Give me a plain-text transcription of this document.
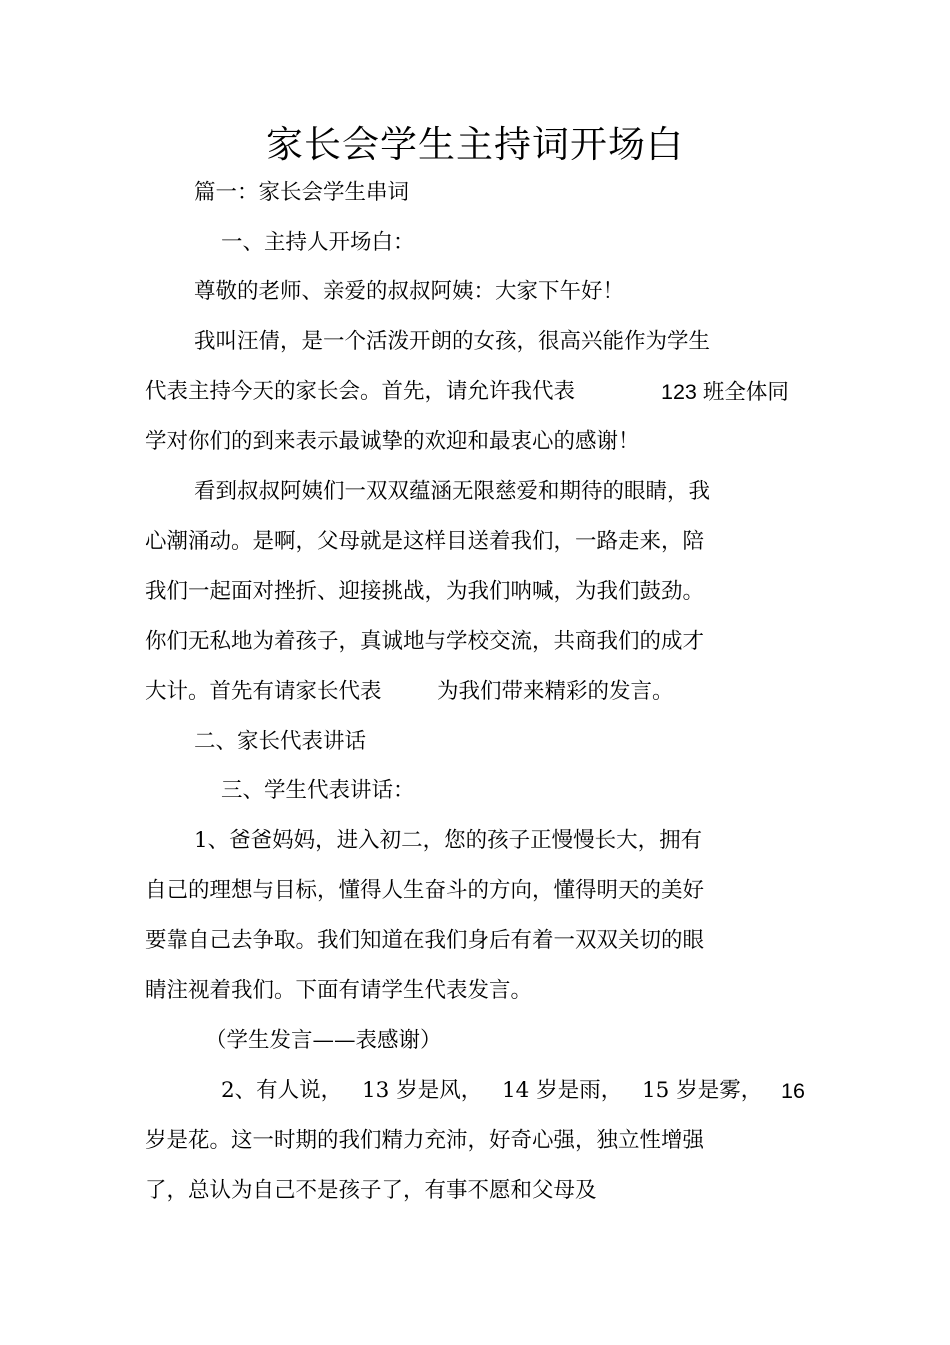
家长会学生主持词开场白
篇一：家长会学生串词
一、主持人开场白：
尊敬的老师、亲爱的叔叔阿姨：大家下午好！
我叫汪倩，是一个活泼开朗的女孩，很高兴能作为学生
代表主持今天的家长会。首先，请允许我代表	123 班全体同
学对你们的到来表示最诚挚的欢迎和最衷心的感谢！
看到叔叔阿姨们一双双蕴涵无限慈爱和期待的眼睛，我
心潮涌动。是啊，父母就是这样目送着我们，一路走来，陪
我们一起面对挫折、迎接挑战，为我们呐喊，为我们鼓劲。
你们无私地为着孩子，真诚地与学校交流，共商我们的成才
大计。首先有请家长代表	为我们带来精彩的发言。
二、家长代表讲话
三、学生代表讲话：
1、爸爸妈妈，进入初二，您的孩子正慢慢长大，拥有
自己的理想与目标，懂得人生奋斗的方向，懂得明天的美好
要靠自己去争取。我们知道在我们身后有着一双双关切的眼
睛注视着我们。下面有请学生代表发言。
（学生发言——表感谢）
2、有人说， 13 岁是风， 14 岁是雨， 15 岁是雾， 16
岁是花。这一时期的我们精力充沛，好奇心强，独立性增强
了，总认为自己不是孩子了，有事不愿和父母及
